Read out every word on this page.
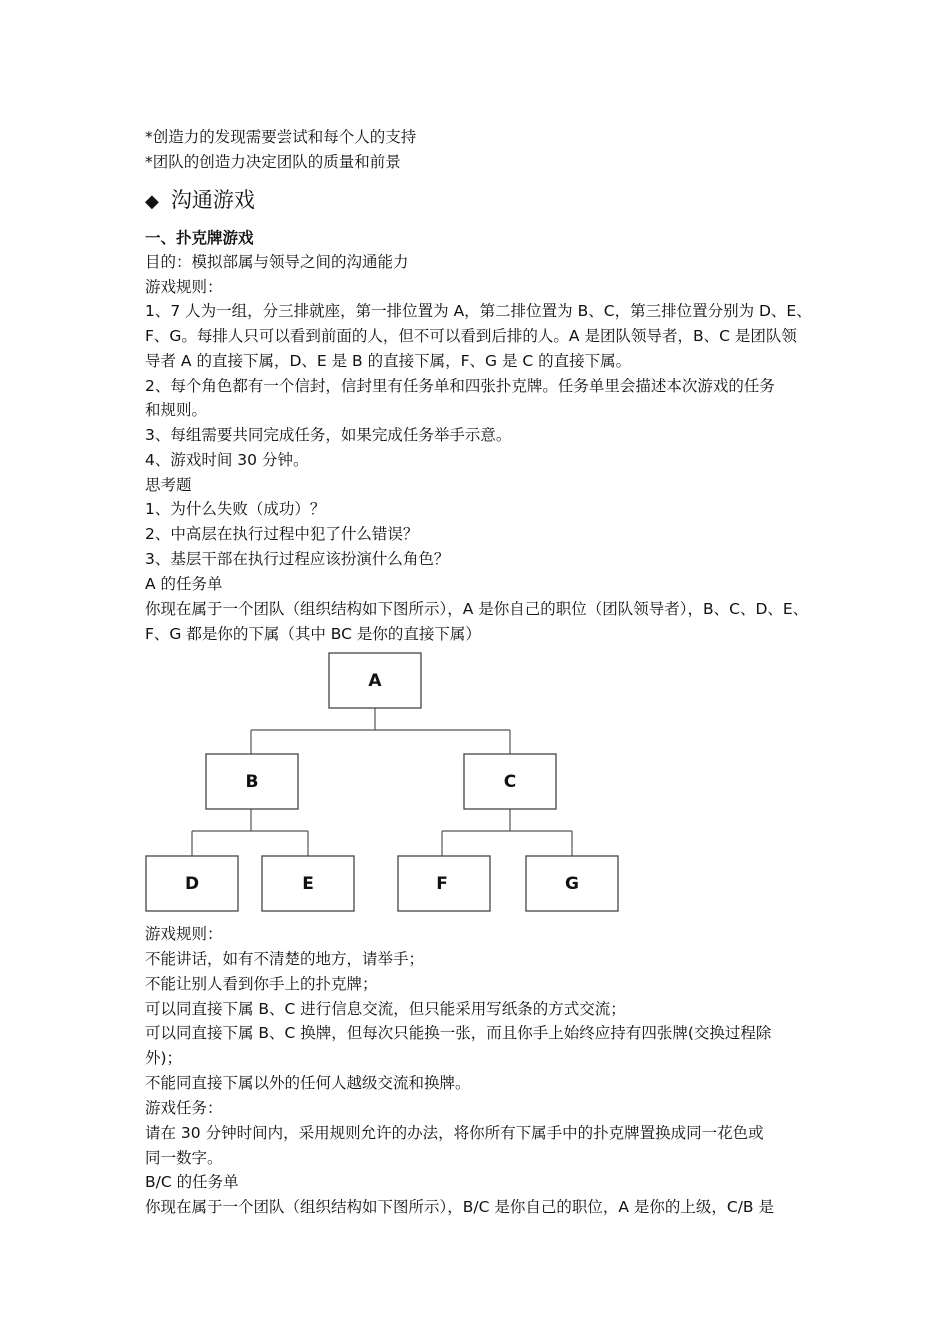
*创造力的发现需要尝试和每个人的支持
*团队的创造力决定团队的质量和前景
◆ 沟通游戏
一、扑克牌游戏
目的：模拟部属与领导之间的沟通能力
游戏规则：
1、7 人为一组，分三排就座，第一排位置为 A，第二排位置为 B、C，第三排位置分别为 D、E、
F、G。每排人只可以看到前面的人，但不可以看到后排的人。A 是团队领导者，B、C 是团队领
导者 A 的直接下属，D、E 是 B 的直接下属，F、G 是 C 的直接下属。
2、每个角色都有一个信封，信封里有任务单和四张扑克牌。任务单里会描述本次游戏的任务
和规则。
3、每组需要共同完成任务，如果完成任务举手示意。
4、游戏时间 30 分钟。
思考题
1、为什么失败（成功）？
2、中高层在执行过程中犯了什么错误？
3、基层干部在执行过程应该扮演什么角色？
A 的任务单
你现在属于一个团队（组织结构如下图所示），A 是你自己的职位（团队领导者），B、C、D、E、
F、G 都是你的下属（其中 BC 是你的直接下属）
A
B	C
D	E	F	G
游戏规则：
不能讲话，如有不清楚的地方，请举手；
不能让别人看到你手上的扑克牌；
可以同直接下属 B、C 进行信息交流，但只能采用写纸条的方式交流；
可以同直接下属 B、C 换牌，但每次只能换一张，而且你手上始终应持有四张牌(交换过程除
外)；
不能同直接下属以外的任何人越级交流和换牌。
游戏任务：
请在 30 分钟时间内，采用规则允许的办法，将你所有下属手中的扑克牌置换成同一花色或
同一数字。
B/C 的任务单
你现在属于一个团队（组织结构如下图所示），B/C 是你自己的职位，A 是你的上级，C/B 是
